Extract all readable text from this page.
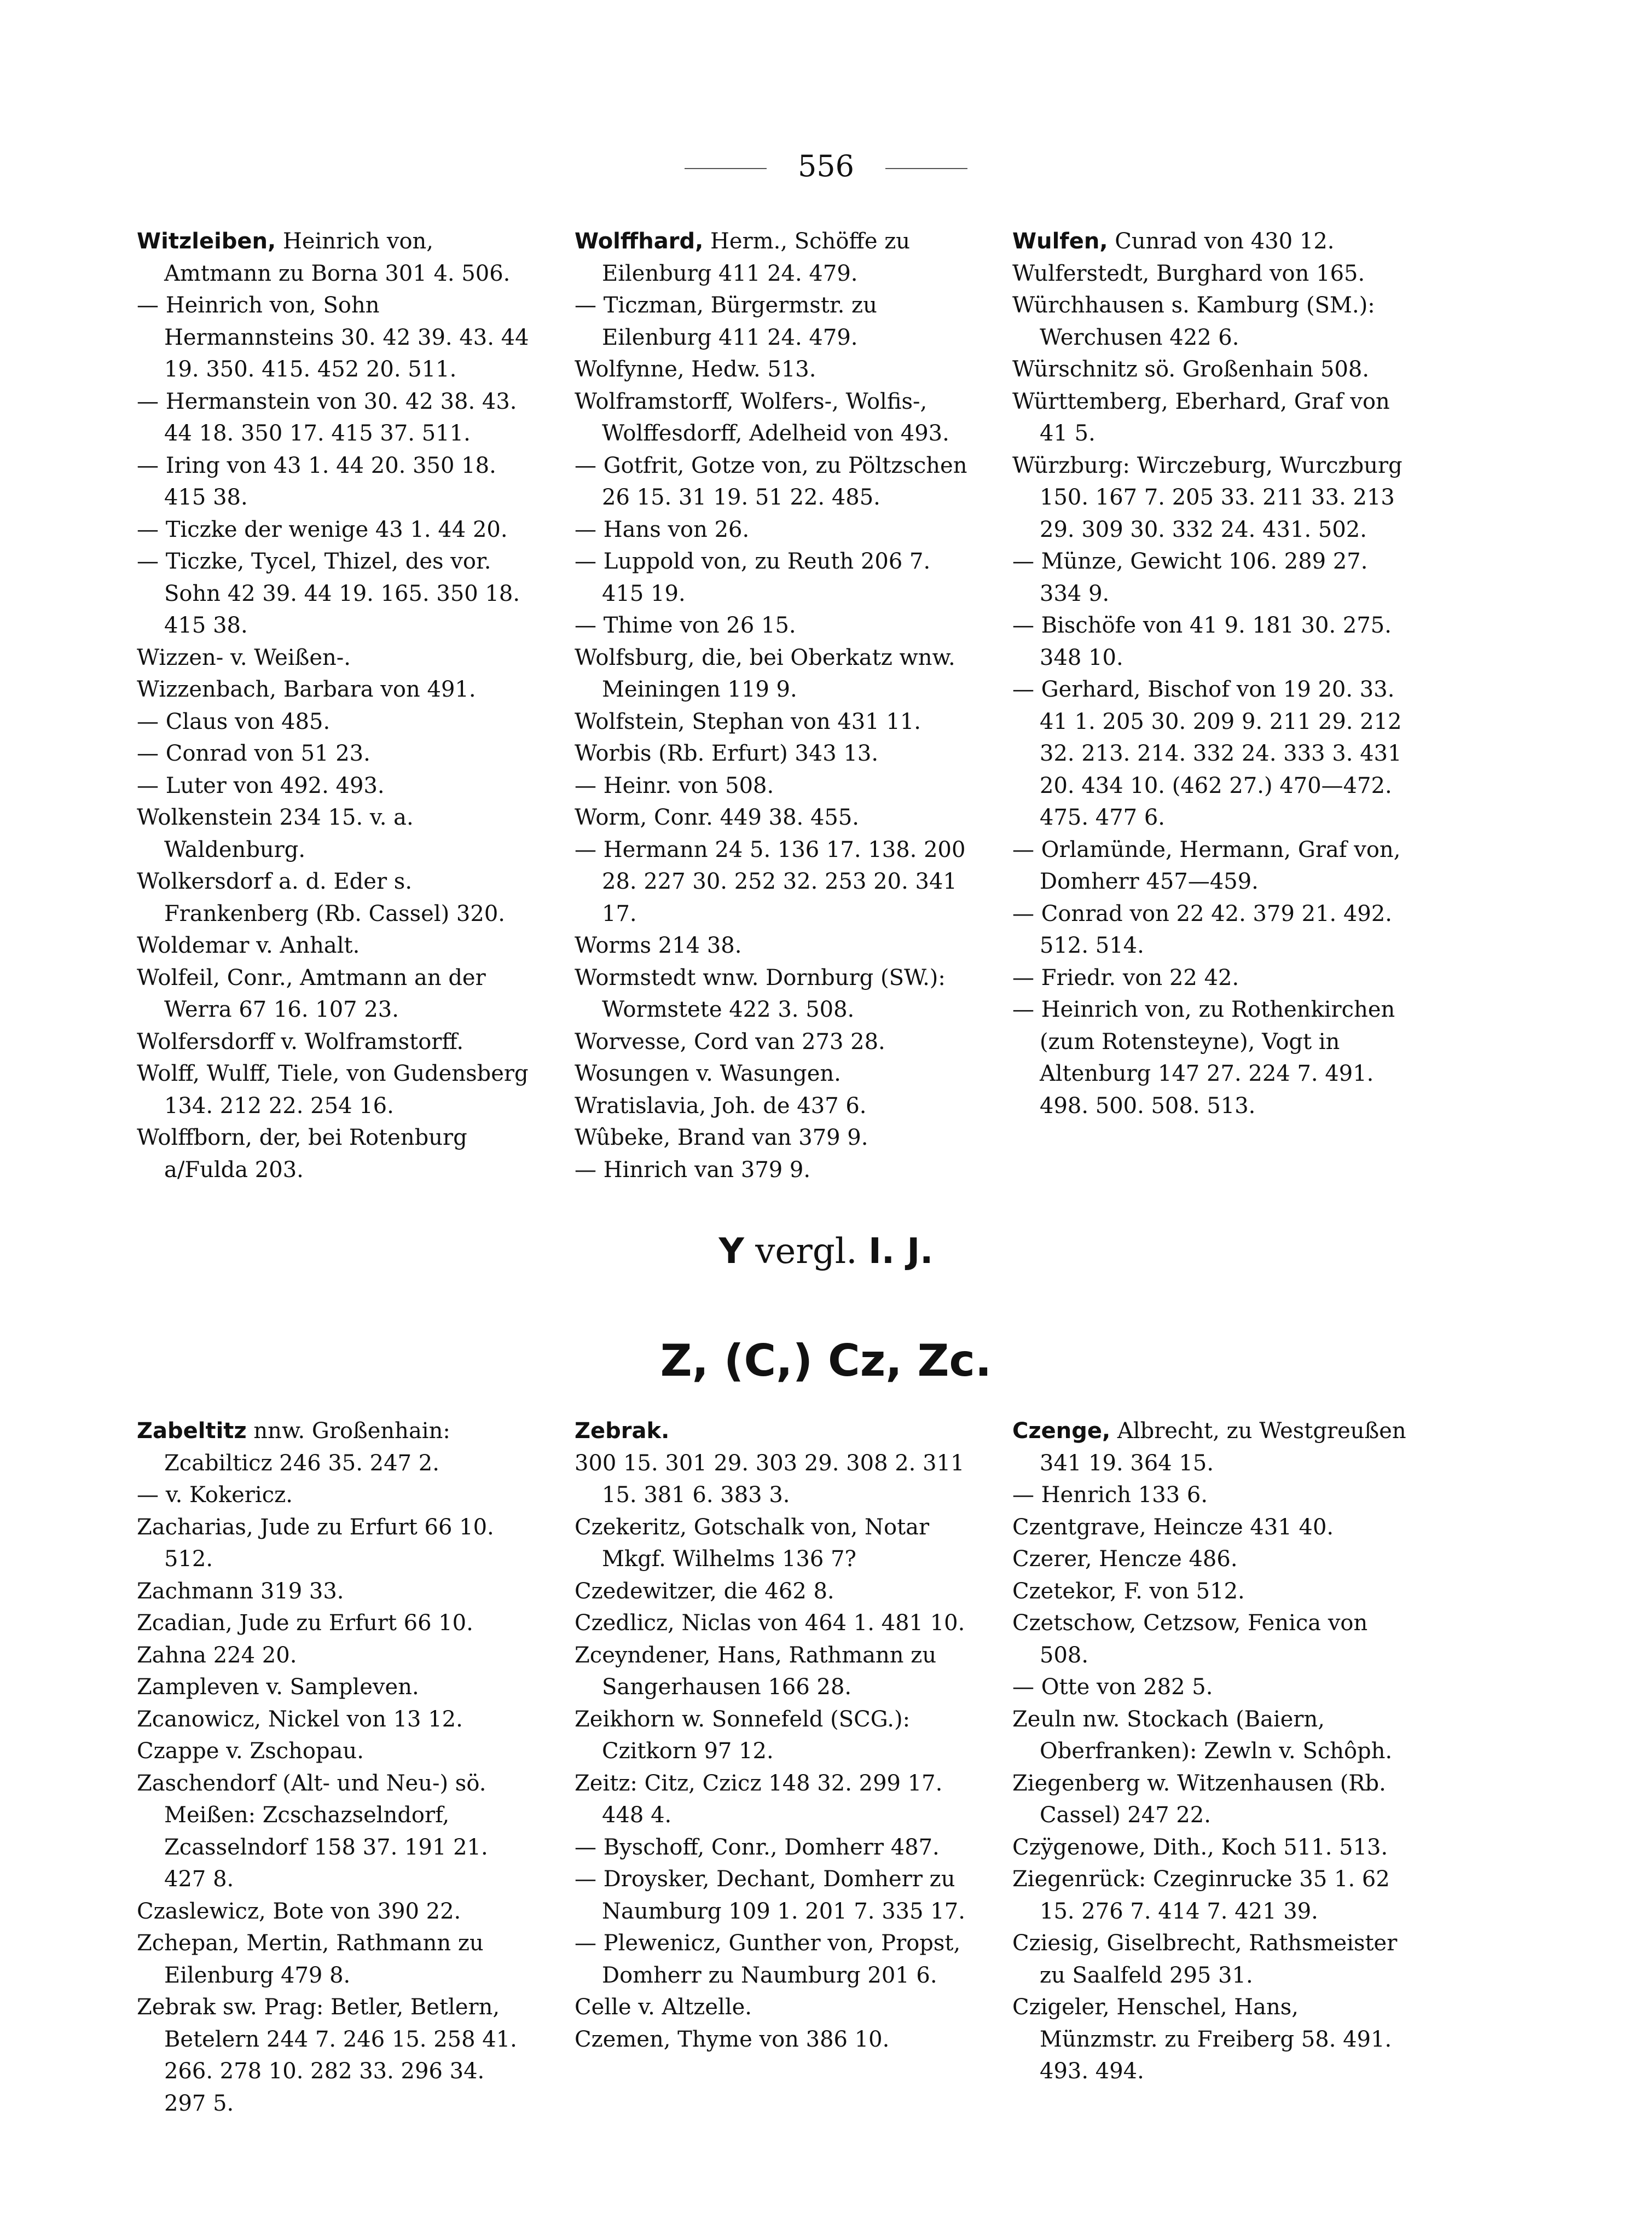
556
Witzleiben, Heinrich von, Amtmann zu Borna 301 4. 506.
— Heinrich von, Sohn Hermannsteins 30. 42 39. 43. 44 19. 350. 415. 452 20. 511.
— Hermanstein von 30. 42 38. 43. 44 18. 350 17. 415 37. 511.
— Iring von 43 1. 44 20. 350 18. 415 38.
— Ticzke der wenige 43 1. 44 20.
— Ticzke, Tycel, Thizel, des vor. Sohn 42 39. 44 19. 165. 350 18. 415 38.
Wizzen- v. Weißen-.
Wizzenbach, Barbara von 491.
— Claus von 485.
— Conrad von 51 23.
— Luter von 492. 493.
Wolkenstein 234 15. v. a. Waldenburg.
Wolkersdorf a. d. Eder s. Frankenberg (Rb. Cassel) 320.
Woldemar v. Anhalt.
Wolfeil, Conr., Amtmann an der Werra 67 16. 107 23.
Wolfersdorff v. Wolframstorff.
Wolff, Wulff, Tiele, von Gudensberg 134. 212 22. 254 16.
Wolffborn, der, bei Rotenburg a/Fulda 203.
Wolffhard, Herm., Schöffe zu Eilenburg 411 24. 479.
— Ticzman, Bürgermstr. zu Eilenburg 411 24. 479.
Wolfynne, Hedw. 513.
Wolframstorff, Wolfers-, Wolfis-, Wolffesdorff, Adelheid von 493.
— Gotfrit, Gotze von, zu Pöltzschen 26 15. 31 19. 51 22. 485.
— Hans von 26.
— Luppold von, zu Reuth 206 7. 415 19.
— Thime von 26 15.
Wolfsburg, die, bei Oberkatz wnw. Meiningen 119 9.
Wolfstein, Stephan von 431 11.
Worbis (Rb. Erfurt) 343 13.
— Heinr. von 508.
Worm, Conr. 449 38. 455.
— Hermann 24 5. 136 17. 138. 200 28. 227 30. 252 32. 253 20. 341 17.
Worms 214 38.
Wormstedt wnw. Dornburg (SW.): Wormstete 422 3. 508.
Worvesse, Cord van 273 28.
Wosungen v. Wasungen.
Wratislavia, Joh. de 437 6.
Wûbeke, Brand van 379 9.
— Hinrich van 379 9.
Wulfen, Cunrad von 430 12.
Wulferstedt, Burghard von 165.
Würchhausen s. Kamburg (SM.): Werchusen 422 6.
Würschnitz sö. Großenhain 508.
Württemberg, Eberhard, Graf von 41 5.
Würzburg: Wirczeburg, Wurczburg 150. 167 7. 205 33. 211 33. 213 29. 309 30. 332 24. 431. 502.
— Münze, Gewicht 106. 289 27. 334 9.
— Bischöfe von 41 9. 181 30. 275. 348 10.
— Gerhard, Bischof von 19 20. 33. 41 1. 205 30. 209 9. 211 29. 212 32. 213. 214. 332 24. 333 3. 431 20. 434 10. (462 27.) 470—472. 475. 477 6.
— Orlamünde, Hermann, Graf von, Domherr 457—459.
— Conrad von 22 42. 379 21. 492. 512. 514.
— Friedr. von 22 42.
— Heinrich von, zu Rothenkirchen (zum Rotensteyne), Vogt in Altenburg 147 27. 224 7. 491. 498. 500. 508. 513.
Y vergl. I. J.
Z, (C,) Cz, Zc.
Zabeltitz nnw. Großenhain: Zcabilticz 246 35. 247 2.
— v. Kokericz.
Zacharias, Jude zu Erfurt 66 10. 512.
Zachmann 319 33.
Zcadian, Jude zu Erfurt 66 10.
Zahna 224 20.
Zampleven v. Sampleven.
Zcanowicz, Nickel von 13 12.
Czappe v. Zschopau.
Zaschendorf (Alt- und Neu-) sö. Meißen: Zcschazselndorf, Zcasselndorf 158 37. 191 21. 427 8.
Czaslewicz, Bote von 390 22.
Zchepan, Mertin, Rathmann zu Eilenburg 479 8.
Zebrak sw. Prag: Betler, Betlern, Betelern 244 7. 246 15. 258 41. 266. 278 10. 282 33. 296 34. 297 5.
Zebrak.
300 15. 301 29. 303 29. 308 2. 311 15. 381 6. 383 3.
Czekeritz, Gotschalk von, Notar Mkgf. Wilhelms 136 7?
Czedewitzer, die 462 8.
Czedlicz, Niclas von 464 1. 481 10.
Zceyndener, Hans, Rathmann zu Sangerhausen 166 28.
Zeikhorn w. Sonnefeld (SCG.): Czitkorn 97 12.
Zeitz: Citz, Czicz 148 32. 299 17. 448 4.
— Byschoff, Conr., Domherr 487.
— Droysker, Dechant, Domherr zu Naumburg 109 1. 201 7. 335 17.
— Plewenicz, Gunther von, Propst, Domherr zu Naumburg 201 6.
Celle v. Altzelle.
Czemen, Thyme von 386 10.
Czenge, Albrecht, zu Westgreußen 341 19. 364 15.
— Henrich 133 6.
Czentgrave, Heincze 431 40.
Czerer, Hencze 486.
Czetekor, F. von 512.
Czetschow, Cetzsow, Fenica von 508.
— Otte von 282 5.
Zeuln nw. Stockach (Baiern, Oberfranken): Zewln v. Schôph.
Ziegenberg w. Witzenhausen (Rb. Cassel) 247 22.
Czÿgenowe, Dith., Koch 511. 513.
Ziegenrück: Czeginrucke 35 1. 62 15. 276 7. 414 7. 421 39.
Cziesig, Giselbrecht, Rathsmeister zu Saalfeld 295 31.
Czigeler, Henschel, Hans, Münzmstr. zu Freiberg 58. 491. 493. 494.
